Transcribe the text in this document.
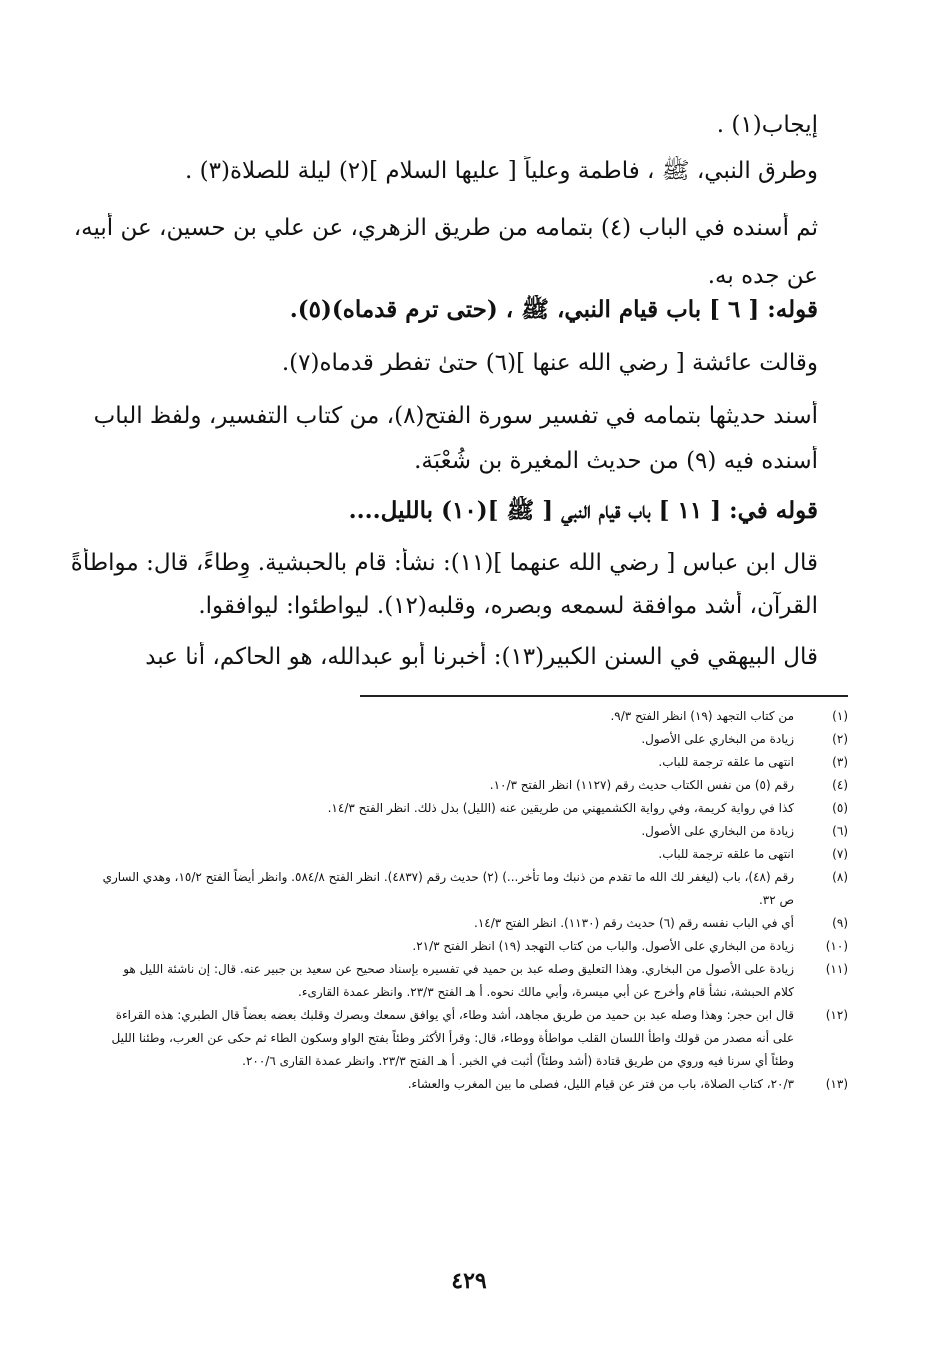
إيجاب(١) .

وطرق النبي، ﷺ ، فاطمة وعلياً [ عليها السلام ](٢) ليلة للصلاة(٣) .

ثم أسنده في الباب (٤) بتمامه من طريق الزهري، عن علي بن حسين، عن أبيه،

عن جده به.

قوله: [ ٦ ] باب قيام النبي، ﷺ ، (حتى ترم قدماه)(٥).

وقالت عائشة [ رضي الله عنها ](٦) حتىٰ تفطر قدماه(٧).

أسند حديثها بتمامه في تفسير سورة الفتح(٨)، من كتاب التفسير، ولفظ الباب

أسنده فيه (٩) من حديث المغيرة بن شُعْبَة.

قوله في: [ ١١ ] باب قيام النبي [ ﷺ ](١٠) بالليل....

قال ابن عباس [ رضي الله عنهما ](١١): نشأ: قام بالحبشية. وِطاءً، قال: مواطأةً

القرآن، أشد موافقة لسمعه وبصره، وقلبه(١٢). ليواطئوا: ليوافقوا.

قال البيهقي في السنن الكبير(١٣): أخبرنا أبو عبدالله، هو الحاكم، أنا عبد

(١)
من كتاب التجهد (١٩) انظر الفتح ٩/٣.
(٢)
زيادة من البخاري على الأصول.
(٣)
انتهى ما علقه ترجمة للباب.
(٤)
رقم (٥) من نفس الكتاب حديث رقم (١١٢٧) انظر الفتح ١٠/٣.
(٥)
كذا في رواية كريمة، وفي رواية الكشميهني من طريقين عنه (الليل) بدل ذلك. انظر الفتح ١٤/٣.
(٦)
زيادة من البخاري على الأصول.
(٧)
انتهى ما علقه ترجمة للباب.
(٨)
رقم (٤٨)، باب (ليغفر لك الله ما تقدم من ذنبك وما تأخر...) (٢) حديث رقم (٤٨٣٧). انظر الفتح ٥٨٤/٨. وانظر أيضاً الفتح ١٥/٢، وهدي الساري ص ٣٢.
(٩)
أي في الباب نفسه رقم (٦) حديث رقم (١١٣٠). انظر الفتح ١٤/٣.
(١٠)
زيادة من البخاري على الأصول. والباب من كتاب التهجد (١٩) انظر الفتح ٢١/٣.
(١١)
زيادة على الأصول من البخاري. وهذا التعليق وصله عبد بن حميد في تفسيره بإسناد صحيح عن سعيد بن جبير عنه. قال: إن ناشئة الليل هو كلام الحبشة، نشأ قام وأخرج عن أبي ميسرة، وأبي مالك نحوه. أ هـ الفتح ٢٣/٣. وانظر عمدة القارىء.
(١٢)
قال ابن حجر: وهذا وصله عبد بن حميد من طريق مجاهد، أشد وطاء، أي يوافق سمعك وبصرك وقلبك بعضه بعضاً قال الطبري: هذه القراءة على أنه مصدر من قولك واطأ اللسان القلب مواطأة ووطاء، قال: وقرأ الأكثر وطئاً بفتح الواو وسكون الطاء ثم حكى عن العرب، وطئنا الليل وطئاً أي سرنا فيه وروي من طريق قتادة (أشد وطئاً) أثبت في الخبر. أ هـ الفتح ٢٣/٣. وانظر عمدة القارى ٢٠٠/٦.
(١٣)
٢٠/٣، كتاب الصلاة، باب من فتر عن قيام الليل، فصلى ما بين المغرب والعشاء.
٤٢٩
